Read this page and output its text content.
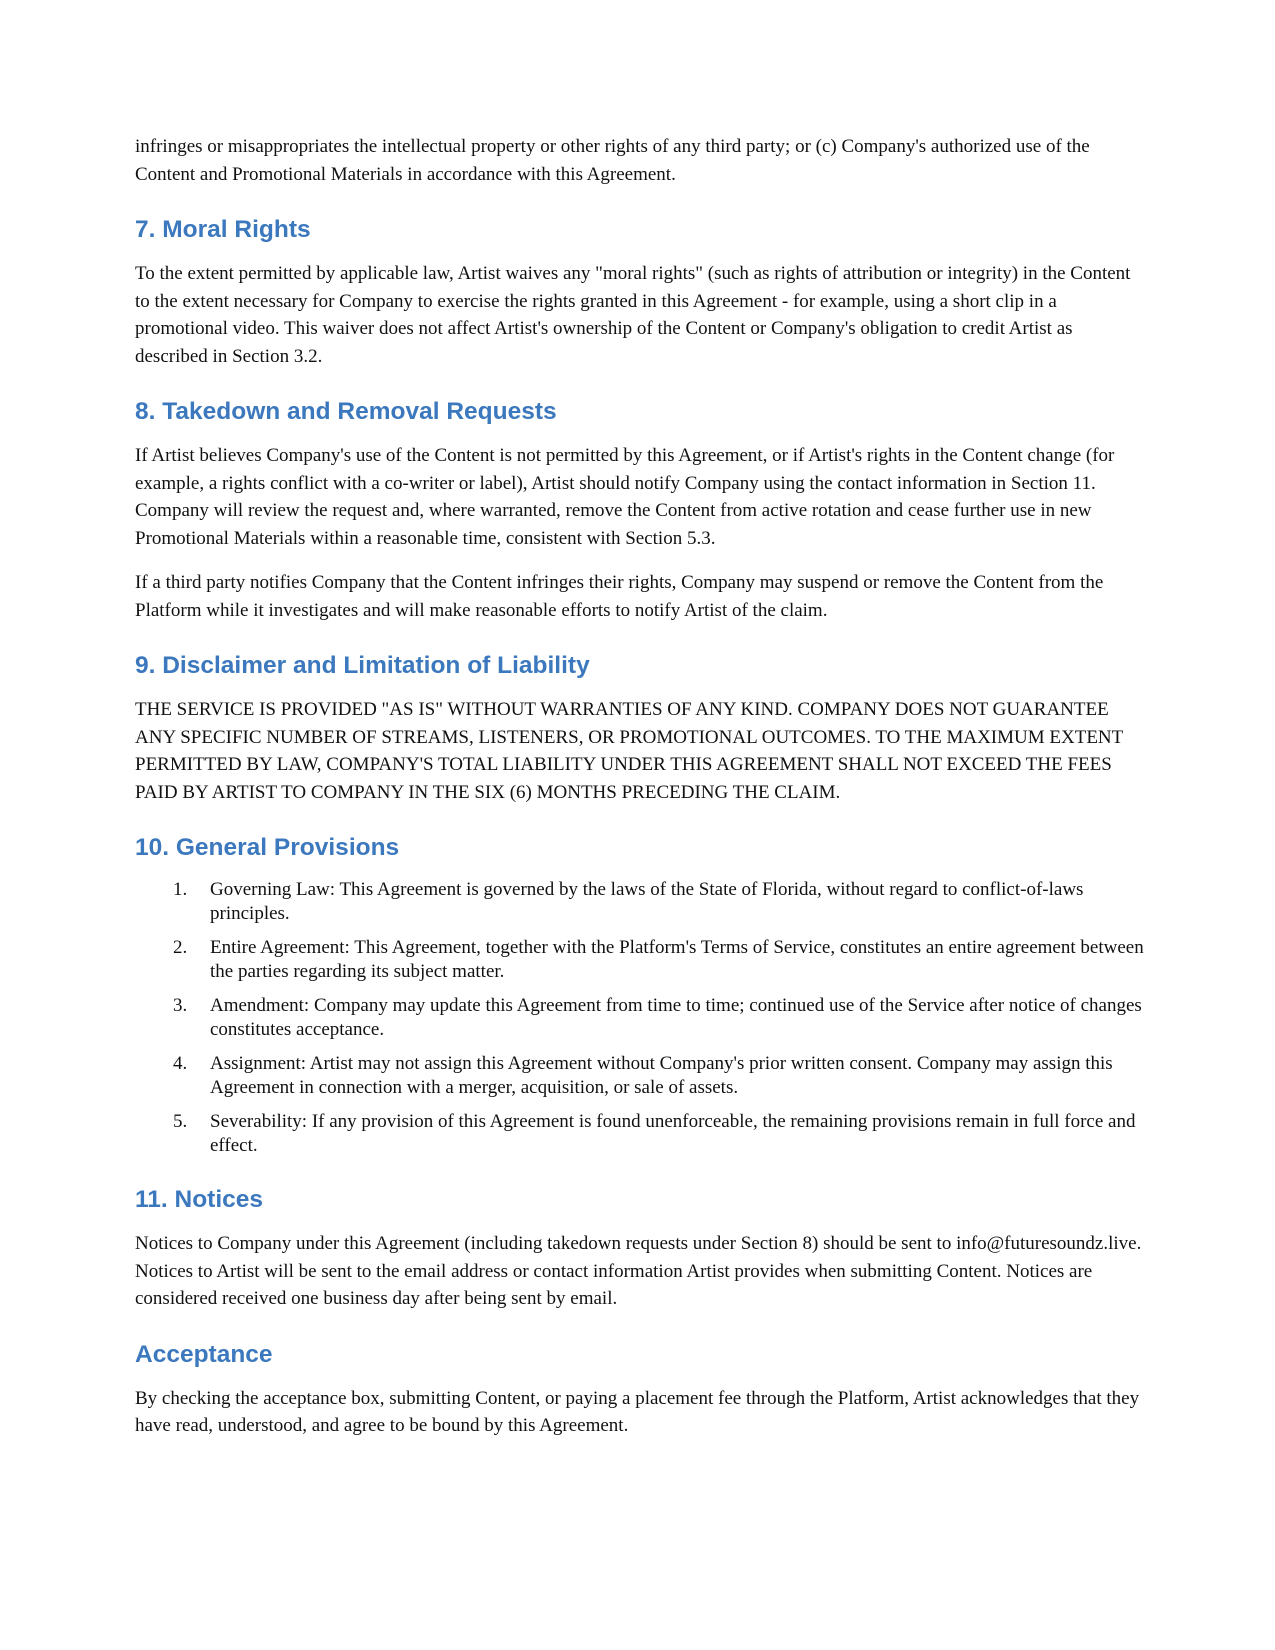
infringes or misappropriates the intellectual property or other rights of any third party; or (c) Company's authorized use of the Content and Promotional Materials in accordance with this Agreement.

7. Moral Rights

To the extent permitted by applicable law, Artist waives any "moral rights" (such as rights of attribution or integrity) in the Content to the extent necessary for Company to exercise the rights granted in this Agreement - for example, using a short clip in a promotional video. This waiver does not affect Artist's ownership of the Content or Company's obligation to credit Artist as described in Section 3.2.

8. Takedown and Removal Requests

If Artist believes Company's use of the Content is not permitted by this Agreement, or if Artist's rights in the Content change (for example, a rights conflict with a co-writer or label), Artist should notify Company using the contact information in Section 11. Company will review the request and, where warranted, remove the Content from active rotation and cease further use in new Promotional Materials within a reasonable time, consistent with Section 5.3.

If a third party notifies Company that the Content infringes their rights, Company may suspend or remove the Content from the Platform while it investigates and will make reasonable efforts to notify Artist of the claim.

9. Disclaimer and Limitation of Liability

THE SERVICE IS PROVIDED "AS IS" WITHOUT WARRANTIES OF ANY KIND. COMPANY DOES NOT GUARANTEE ANY SPECIFIC NUMBER OF STREAMS, LISTENERS, OR PROMOTIONAL OUTCOMES. TO THE MAXIMUM EXTENT PERMITTED BY LAW, COMPANY'S TOTAL LIABILITY UNDER THIS AGREEMENT SHALL NOT EXCEED THE FEES PAID BY ARTIST TO COMPANY IN THE SIX (6) MONTHS PRECEDING THE CLAIM.

10. General Provisions
1. Governing Law: This Agreement is governed by the laws of the State of Florida, without regard to conflict-of-laws principles.
2. Entire Agreement: This Agreement, together with the Platform's Terms of Service, constitutes an entire agreement between the parties regarding its subject matter.
3. Amendment: Company may update this Agreement from time to time; continued use of the Service after notice of changes constitutes acceptance.
4. Assignment: Artist may not assign this Agreement without Company's prior written consent. Company may assign this Agreement in connection with a merger, acquisition, or sale of assets.
5. Severability: If any provision of this Agreement is found unenforceable, the remaining provisions remain in full force and effect.
11. Notices

Notices to Company under this Agreement (including takedown requests under Section 8) should be sent to info@futuresoundz.live. Notices to Artist will be sent to the email address or contact information Artist provides when submitting Content. Notices are considered received one business day after being sent by email.

Acceptance

By checking the acceptance box, submitting Content, or paying a placement fee through the Platform, Artist acknowledges that they have read, understood, and agree to be bound by this Agreement.
